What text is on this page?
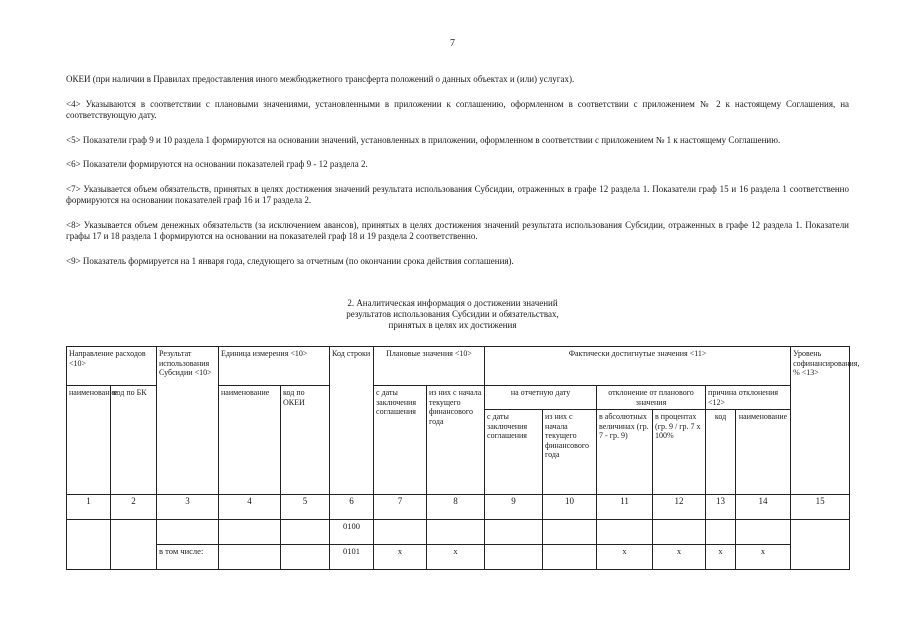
7

ОКЕИ (при наличии в Правилах предоставления иного межбюджетного трансферта положений о данных объектах и (или) услугах).

<4> Указываются в соответствии с плановыми значениями, установленными в приложении к соглашению, оформленном в соответствии с приложением № 2 к настоящему Соглашения, на соответствующую дату.

<5> Показатели граф 9 и 10 раздела 1 формируются на основании значений, установленных в приложении, оформленном в соответствии с приложением № 1 к настоящему Соглашению.

<6> Показатели формируются на основании показателей граф 9 - 12 раздела 2.

<7> Указывается объем обязательств, принятых в целях достижения значений результата использования Субсидии, отраженных в графе 12 раздела 1. Показатели граф 15 и 16 раздела 1 соответственно формируются на основании показателей граф 16 и 17 раздела 2.

<8> Указывается объем денежных обязательств (за исключением авансов), принятых в целях достижения значений результата использования Субсидии, отраженных в графе 12 раздела 1. Показатели графы 17 и 18 раздела 1 формируются на основании на показателей граф 18 и 19 раздела 2 соответственно.

<9> Показатель формируется на 1 января года, следующего за отчетным (по окончании срока действия соглашения).

2. Аналитическая информация о достижении значений
результатов использования Субсидии и обязательствах,
принятых в целях их достижения
Направление расходов <10>		Результат использования Субсидии <10>	Единица измерения <10>		Код строки	Плановые значения <10>		Фактически достигнутые значения <11>						Уровень софинансирования, % <13>
наименование	код по БК		наименование	код по ОКЕИ		с даты заключения соглашения	из них с начала текущего финансового года	на отчетную дату		отклонение от планового значения		причина отклонения <12>		
								с даты заключения соглашения	из них с начала текущего финансового года	в абсолютных величинах (гр. 7 - гр. 9)	в процентах (гр. 9 / гр. 7 x 100%	код	наименование	
1	2	3	4	5	6	7	8	9	10	11	12	13	14	15
					0100									
		в том числе:			0101	x	x			x	x	x	x	
